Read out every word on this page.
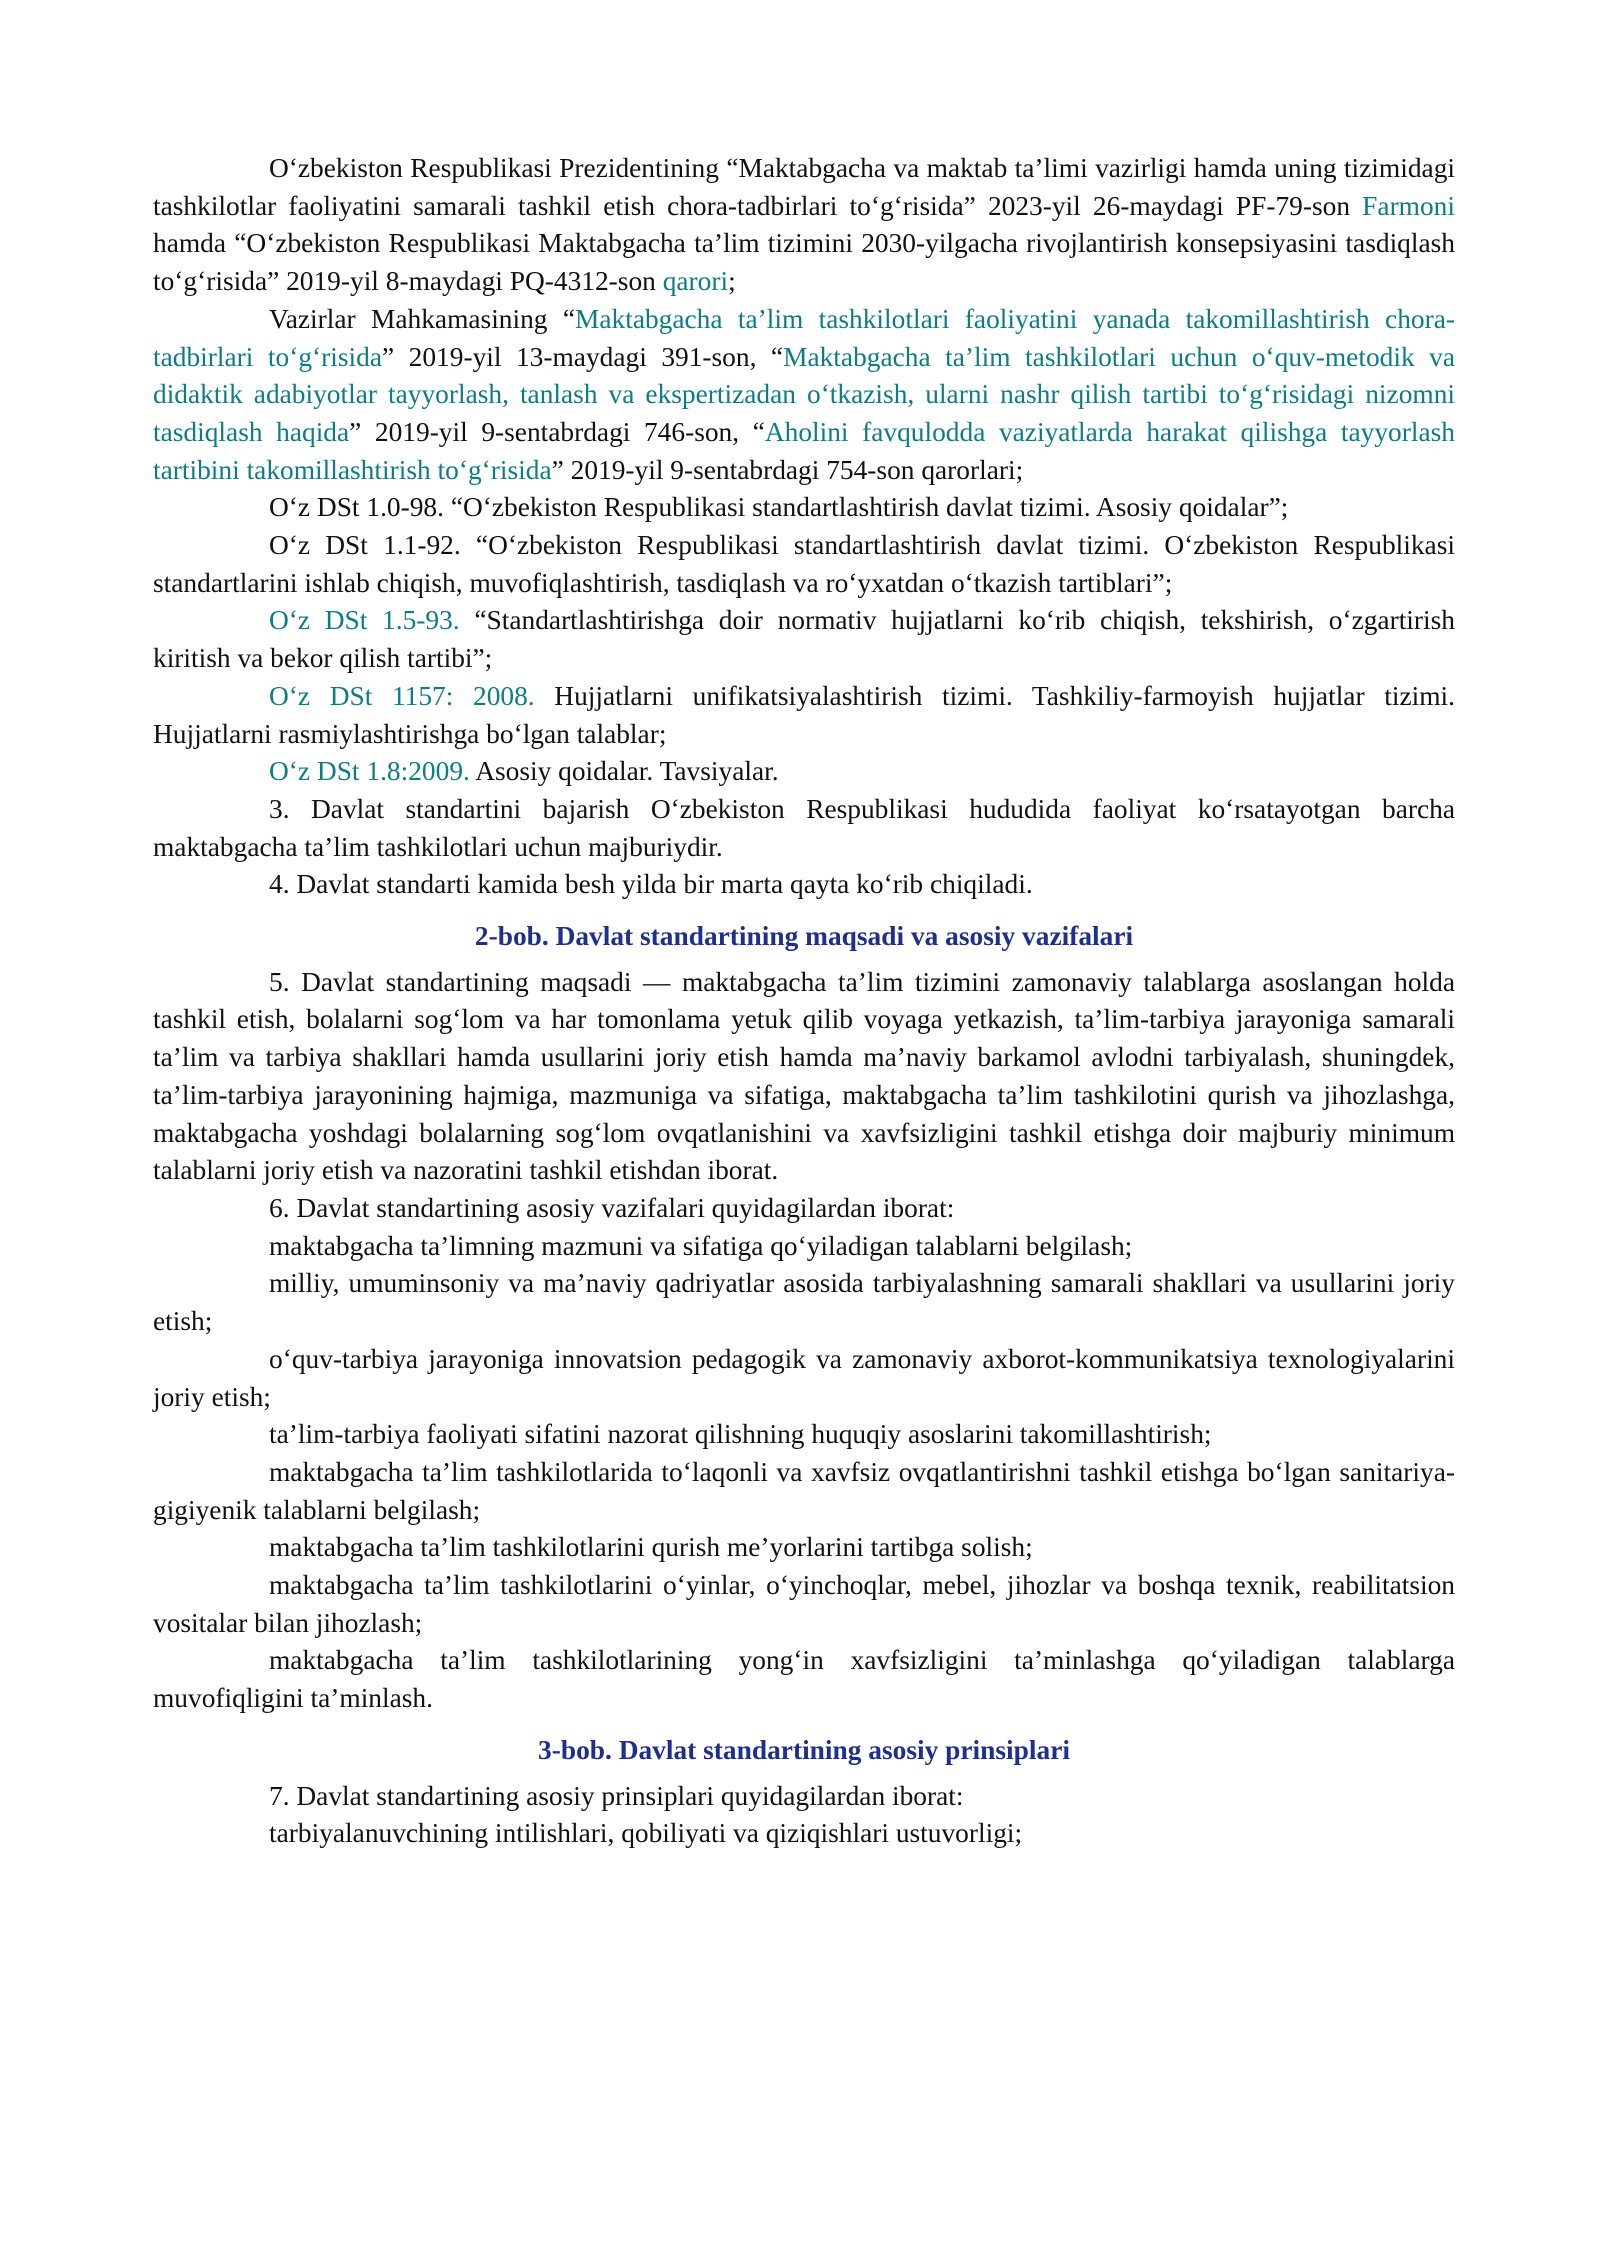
O‘zbekiston Respublikasi Prezidentining “Maktabgacha va maktab ta’limi vazirligi hamda uning tizimidagi tashkilotlar faoliyatini samarali tashkil etish chora-tadbirlari to‘g‘risida” 2023-yil 26-maydagi PF-79-son Farmoni hamda “O‘zbekiston Respublikasi Maktabgacha ta’lim tizimini 2030-yilgacha rivojlantirish konsepsiyasini tasdiqlash to‘g‘risida” 2019-yil 8-maydagi PQ-4312-son qarori;

Vazirlar Mahkamasining “Maktabgacha ta’lim tashkilotlari faoliyatini yanada takomillashtirish chora-tadbirlari to‘g‘risida” 2019-yil 13-maydagi 391-son, “Maktabgacha ta’lim tashkilotlari uchun o‘quv-metodik va didaktik adabiyotlar tayyorlash, tanlash va ekspertizadan o‘tkazish, ularni nashr qilish tartibi to‘g‘risidagi nizomni tasdiqlash haqida” 2019-yil 9-sentabrdagi 746-son, “Aholini favqulodda vaziyatlarda harakat qilishga tayyorlash tartibini takomillashtirish to‘g‘risida” 2019-yil 9-sentabrdagi 754-son qarorlari;

O‘z DSt 1.0-98. “O‘zbekiston Respublikasi standartlashtirish davlat tizimi. Asosiy qoidalar”;

O‘z DSt 1.1-92. “O‘zbekiston Respublikasi standartlashtirish davlat tizimi. O‘zbekiston Respublikasi standartlarini ishlab chiqish, muvofiqlashtirish, tasdiqlash va ro‘yxatdan o‘tkazish tartiblari”;

O‘z DSt 1.5-93. “Standartlashtirishga doir normativ hujjatlarni ko‘rib chiqish, tekshirish, o‘zgartirish kiritish va bekor qilish tartibi”;

O‘z DSt 1157: 2008. Hujjatlarni unifikatsiyalashtirish tizimi. Tashkiliy-farmoyish hujjatlar tizimi. Hujjatlarni rasmiylashtirishga bo‘lgan talablar;

O‘z DSt 1.8:2009. Asosiy qoidalar. Tavsiyalar.

3. Davlat standartini bajarish O‘zbekiston Respublikasi hududida faoliyat ko‘rsatayotgan barcha maktabgacha ta’lim tashkilotlari uchun majburiydir.

4. Davlat standarti kamida besh yilda bir marta qayta ko‘rib chiqiladi.

2-bob. Davlat standartining maqsadi va asosiy vazifalari

5. Davlat standartining maqsadi — maktabgacha ta’lim tizimini zamonaviy talablarga asoslangan holda tashkil etish, bolalarni sog‘lom va har tomonlama yetuk qilib voyaga yetkazish, ta’lim-tarbiya jarayoniga samarali ta’lim va tarbiya shakllari hamda usullarini joriy etish hamda ma’naviy barkamol avlodni tarbiyalash, shuningdek, ta’lim-tarbiya jarayonining hajmiga, mazmuniga va sifatiga, maktabgacha ta’lim tashkilotini qurish va jihozlashga, maktabgacha yoshdagi bolalarning sog‘lom ovqatlanishini va xavfsizligini tashkil etishga doir majburiy minimum talablarni joriy etish va nazoratini tashkil etishdan iborat.

6. Davlat standartining asosiy vazifalari quyidagilardan iborat:

maktabgacha ta’limning mazmuni va sifatiga qo‘yiladigan talablarni belgilash;

milliy, umuminsoniy va ma’naviy qadriyatlar asosida tarbiyalashning samarali shakllari va usullarini joriy etish;

o‘quv-tarbiya jarayoniga innovatsion pedagogik va zamonaviy axborot-kommunikatsiya texnologiyalarini joriy etish;

ta’lim-tarbiya faoliyati sifatini nazorat qilishning huquqiy asoslarini takomillashtirish;

maktabgacha ta’lim tashkilotlarida to‘laqonli va xavfsiz ovqatlantirishni tashkil etishga bo‘lgan sanitariya-gigiyenik talablarni belgilash;

maktabgacha ta’lim tashkilotlarini qurish me’yorlarini tartibga solish;

maktabgacha ta’lim tashkilotlarini o‘yinlar, o‘yinchoqlar, mebel, jihozlar va boshqa texnik, reabilitatsion vositalar bilan jihozlash;

maktabgacha ta’lim tashkilotlarining yong‘in xavfsizligini ta’minlashga qo‘yiladigan talablarga muvofiqligini ta’minlash.

3-bob. Davlat standartining asosiy prinsiplari

7. Davlat standartining asosiy prinsiplari quyidagilardan iborat:

tarbiyalanuvchining intilishlari, qobiliyati va qiziqishlari ustuvorligi;
